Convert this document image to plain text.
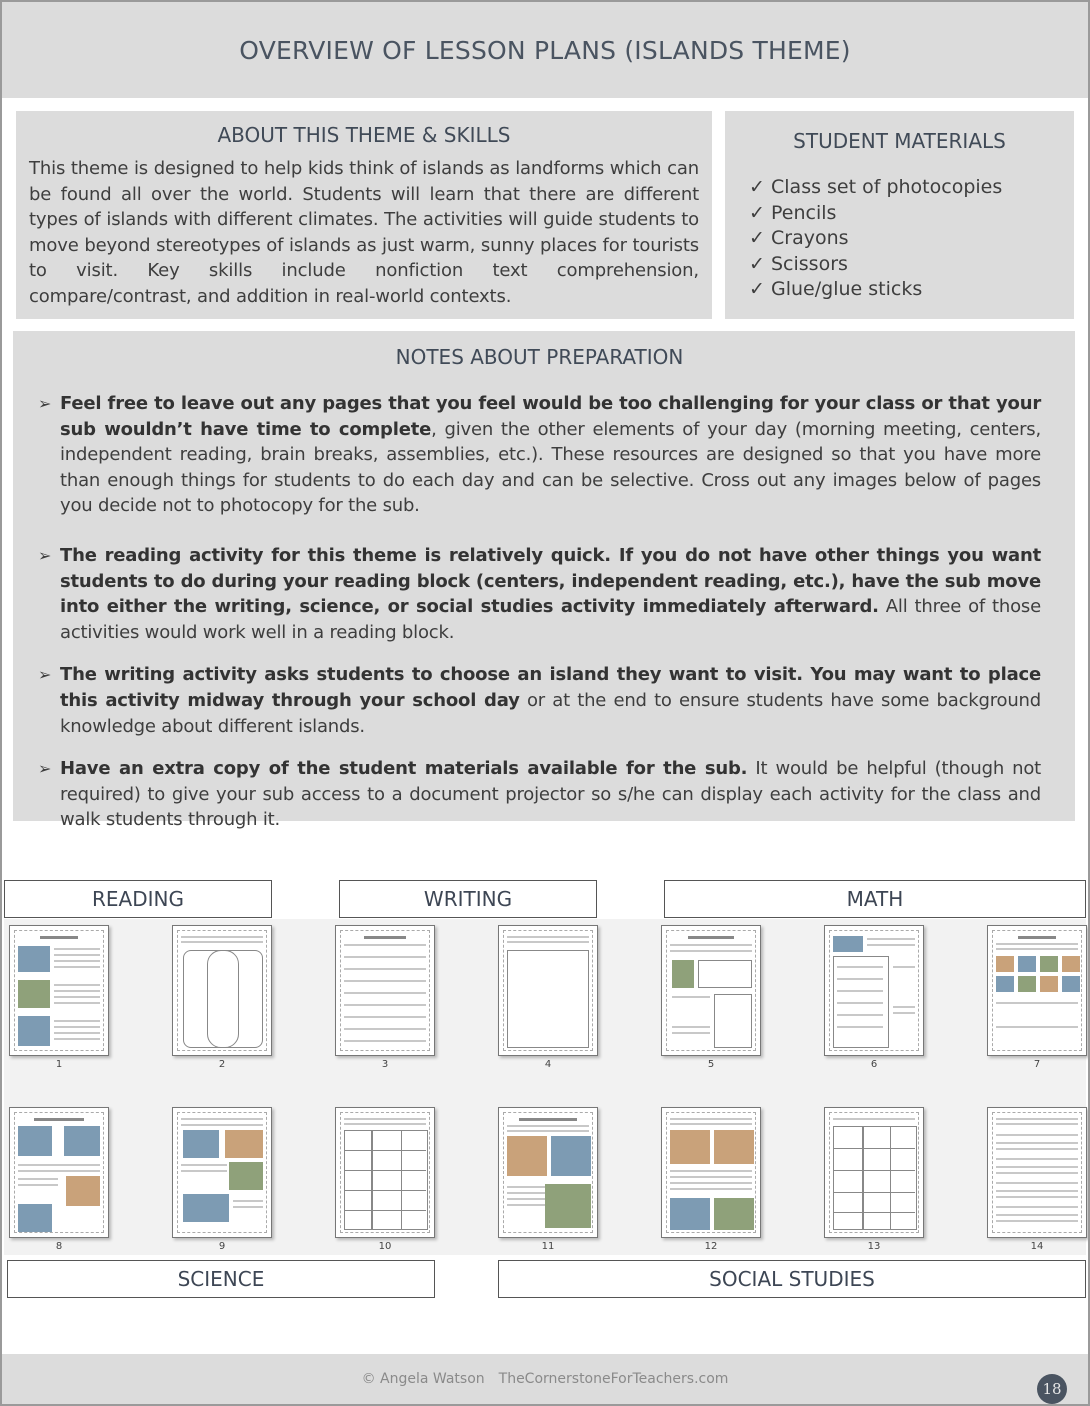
OVERVIEW OF LESSON PLANS (ISLANDS THEME)
ABOUT THIS THEME & SKILLS

This theme is designed to help kids think of islands as landforms which can be found all over the world. Students will learn that there are different types of islands with different climates. The activities will guide students to move beyond stereotypes of islands as just warm, sunny places for tourists to visit. Key skills include nonfiction text comprehension, compare/contrast, and addition in real-world contexts.

STUDENT MATERIALS
✓ Class set of photocopies
✓ Pencils
✓ Crayons
✓ Scissors
✓ Glue/glue sticks
NOTES ABOUT PREPARATION
➢ Feel free to leave out any pages that you feel would be too challenging for your class or that your sub wouldn’t have time to complete, given the other elements of your day (morning meeting, centers, independent reading, brain breaks, assemblies, etc.). These resources are designed so that you have more than enough things for students to do each day and can be selective. Cross out any images below of pages you decide not to photocopy for the sub.
➢ The reading activity for this theme is relatively quick. If you do not have other things you want students to do during your reading block (centers, independent reading, etc.), have the sub move into either the writing, science, or social studies activity immediately afterward. All three of those activities would work well in a reading block.
➢ The writing activity asks students to choose an island they want to visit. You may want to place this activity midway through your school day or at the end to ensure students have some background knowledge about different islands.
➢ Have an extra copy of the student materials available for the sub. It would be helpful (though not required) to give your sub access to a document projector so s/he can display each activity for the class and walk students through it.
READING	WRITING	MATH
1	2	3	4	5	6	7
8	9	10	11	12	13	14
SCIENCE	SOCIAL STUDIES
© Angela Watson TheCornerstoneForTeachers.com
18
